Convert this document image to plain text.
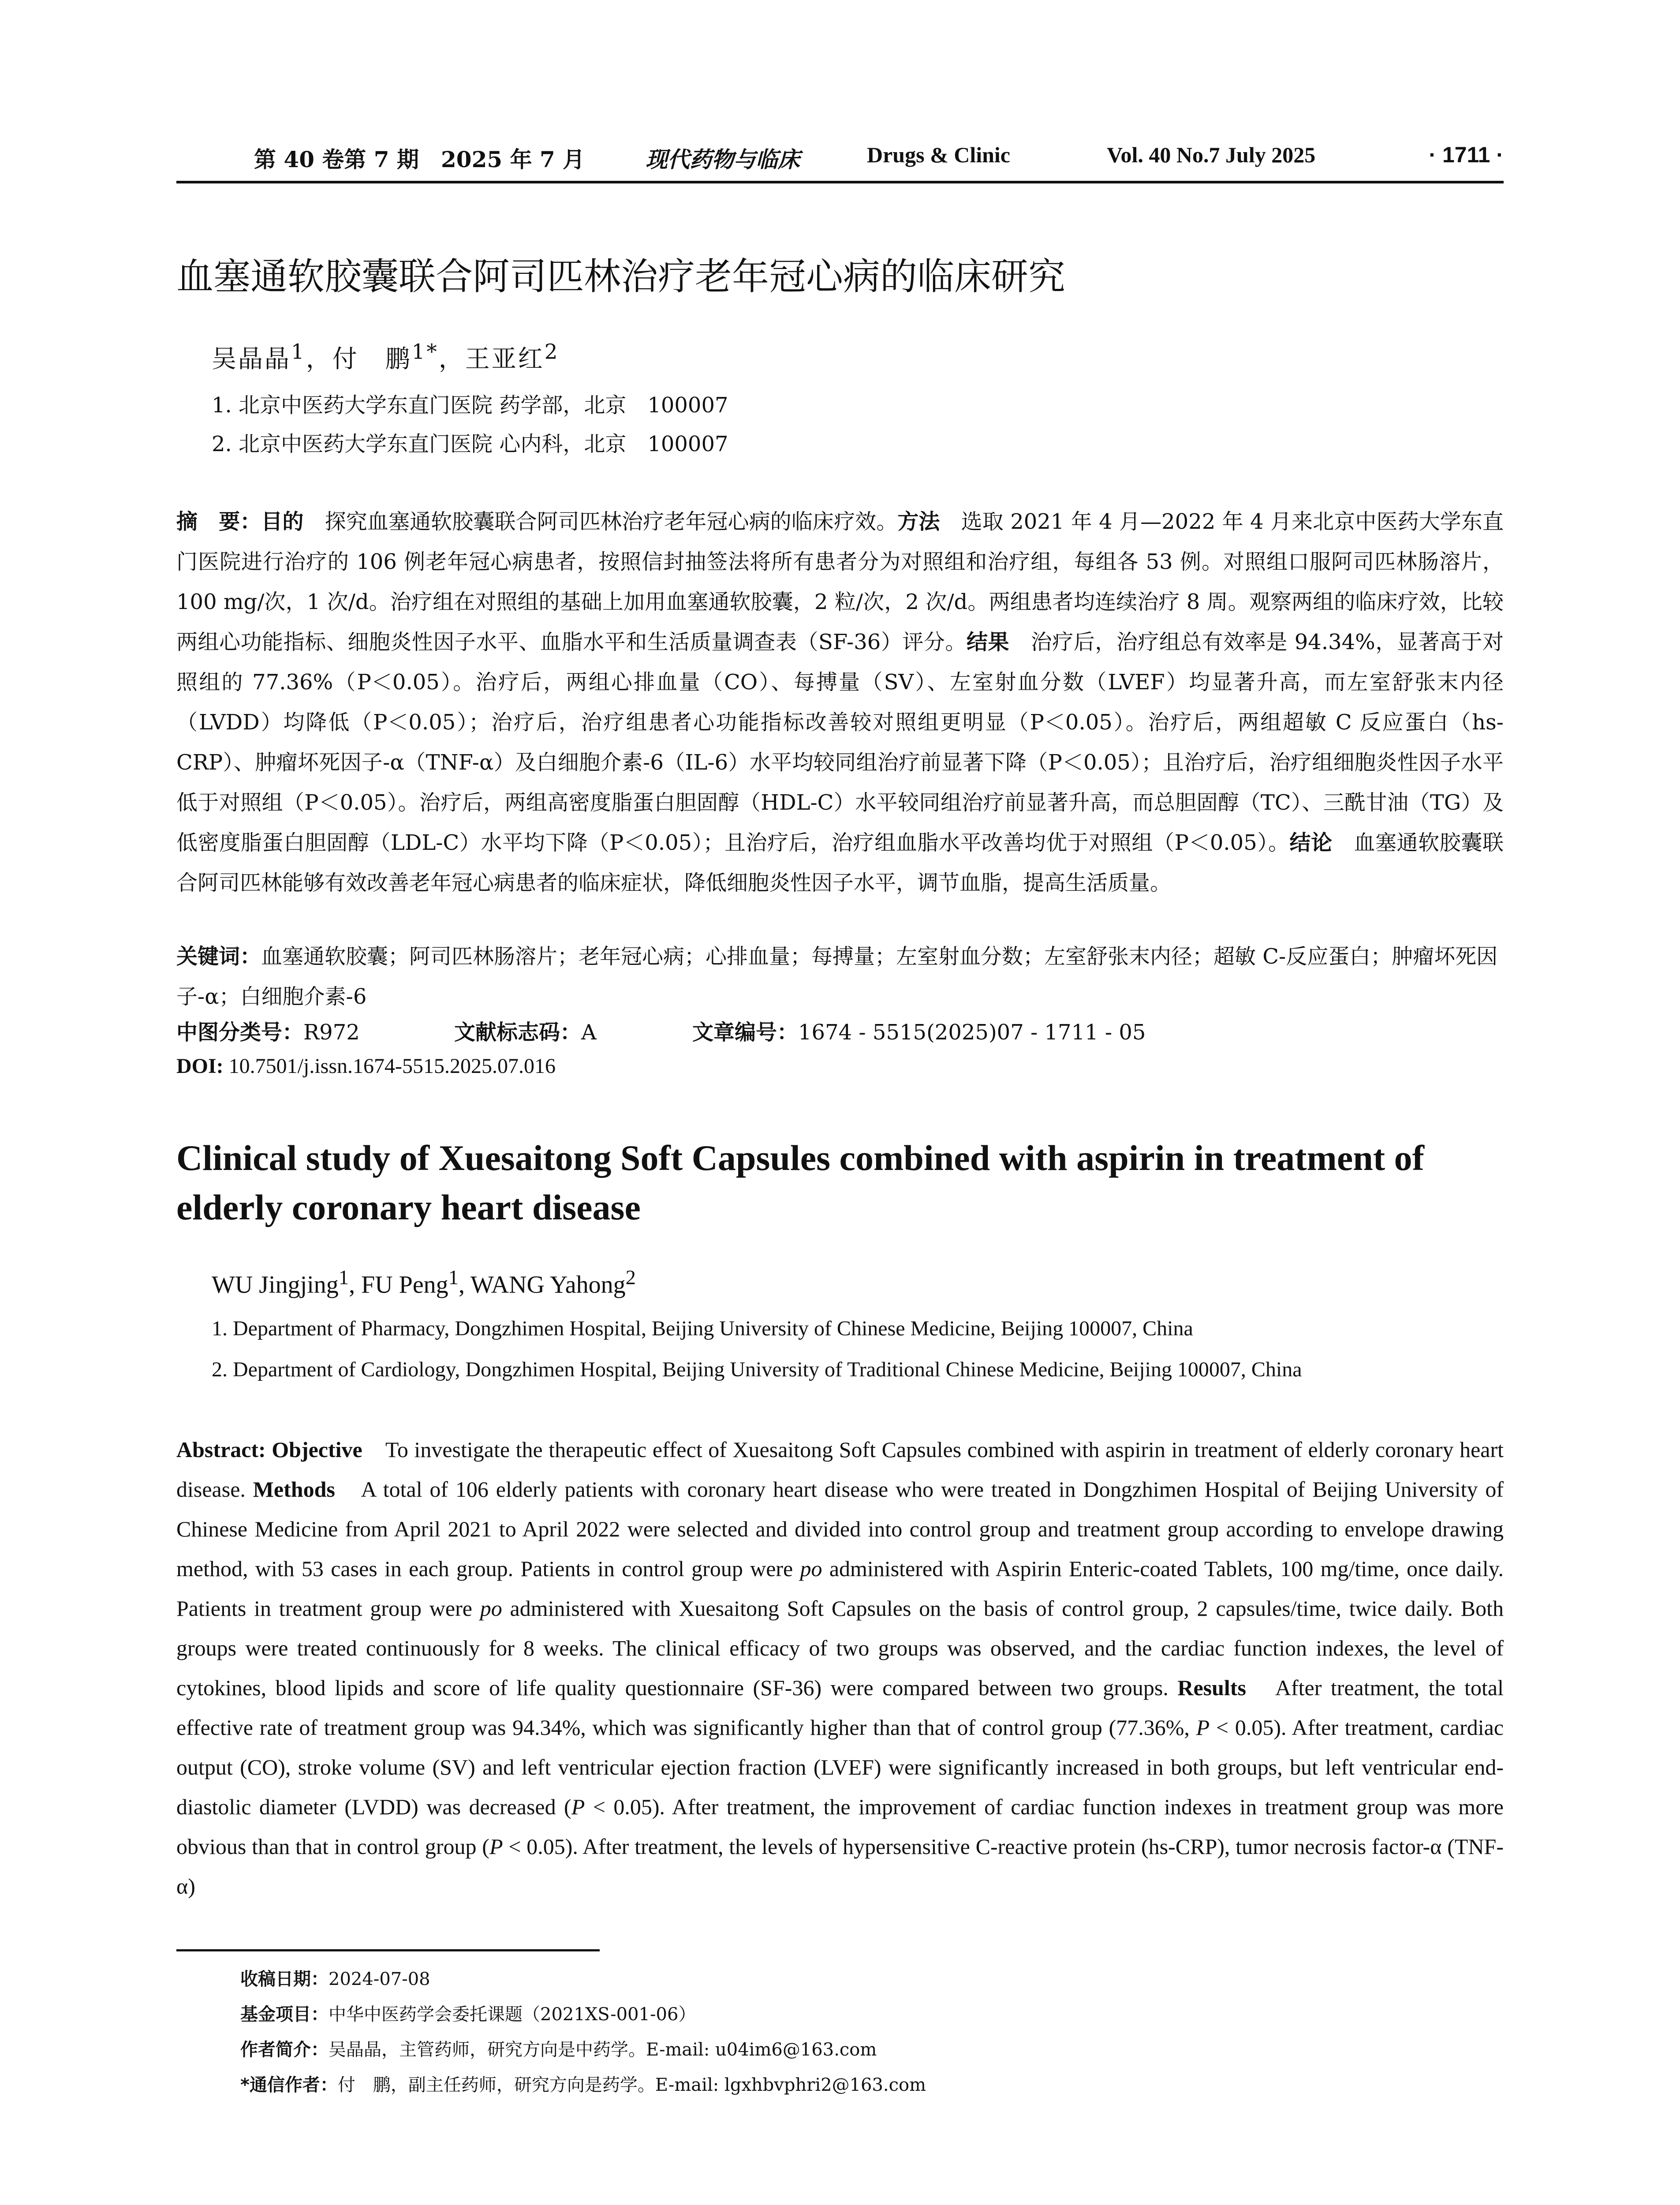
第 40 卷第 7 期　2025 年 7 月	现代药物与临床	Drugs & Clinic	Vol. 40 No.7 July 2025	· 1711 ·
血塞通软胶囊联合阿司匹林治疗老年冠心病的临床研究
吴晶晶$^1$，付　鹏$^{1*}$，王亚红$^2$
1. 北京中医药大学东直门医院 药学部，北京　100007
2. 北京中医药大学东直门医院 心内科，北京　100007
摘　要：目的　 探究血塞通软胶囊联合阿司匹林治疗老年冠心病的临床疗效。方法　 选取 2021 年 4 月—2022 年 4 月来北京中医药大学东直门医院进行治疗的 106 例老年冠心病患者，按照信封抽签法将所有患者分为对照组和治疗组，每组各 53 例。对照组口服阿司匹林肠溶片，100 mg/次，1 次/d。治疗组在对照组的基础上加用血塞通软胶囊，2 粒/次，2 次/d。两组患者均连续治疗 8 周。观察两组的临床疗效，比较两组心功能指标、细胞炎性因子水平、血脂水平和生活质量调查表（SF-36）评分。结果　 治疗后，治疗组总有效率是 94.34%，显著高于对照组的 77.36%（P＜0.05）。治疗后，两组心排血量（CO）、每搏量（SV）、左室射血分数（LVEF）均显著升高，而左室舒张末内径（LVDD）均降低（P＜0.05）；治疗后，治疗组患者心功能指标改善较对照组更明显（P＜0.05）。治疗后，两组超敏 C 反应蛋白（hs-CRP）、肿瘤坏死因子-α（TNF-α）及白细胞介素-6（IL-6）水平均较同组治疗前显著下降（P＜0.05）；且治疗后，治疗组细胞炎性因子水平低于对照组（P＜0.05）。治疗后，两组高密度脂蛋白胆固醇（HDL-C）水平较同组治疗前显著升高，而总胆固醇（TC）、三酰甘油（TG）及低密度脂蛋白胆固醇（LDL-C）水平均下降（P＜0.05）；且治疗后，治疗组血脂水平改善均优于对照组（P＜0.05）。结论　 血塞通软胶囊联合阿司匹林能够有效改善老年冠心病患者的临床症状，降低细胞炎性因子水平，调节血脂，提高生活质量。
关键词：血塞通软胶囊；阿司匹林肠溶片；老年冠心病；心排血量；每搏量；左室射血分数；左室舒张末内径；超敏 C-反应蛋白；肿瘤坏死因子-α；白细胞介素-6
中图分类号：R972	文献标志码：A	文章编号：1674 - 5515(2025)07 - 1711 - 05
DOI: 10.7501/j.issn.1674-5515.2025.07.016
Clinical study of Xuesaitong Soft Capsules combined with aspirin in treatment of elderly coronary heart disease
WU Jingjing$^1$, FU Peng$^1$, WANG Yahong$^2$
1. Department of Pharmacy, Dongzhimen Hospital, Beijing University of Chinese Medicine, Beijing 100007, China
2. Department of Cardiology, Dongzhimen Hospital, Beijing University of Traditional Chinese Medicine, Beijing 100007, China
Abstract: Objective　 To investigate the therapeutic effect of Xuesaitong Soft Capsules combined with aspirin in treatment of elderly coronary heart disease. Methods　 A total of 106 elderly patients with coronary heart disease who were treated in Dongzhimen Hospital of Beijing University of Chinese Medicine from April 2021 to April 2022 were selected and divided into control group and treatment group according to envelope drawing method, with 53 cases in each group. Patients in control group were po administered with Aspirin Enteric-coated Tablets, 100 mg/time, once daily. Patients in treatment group were po administered with Xuesaitong Soft Capsules on the basis of control group, 2 capsules/time, twice daily. Both groups were treated continuously for 8 weeks. The clinical efficacy of two groups was observed, and the cardiac function indexes, the level of cytokines, blood lipids and score of life quality questionnaire (SF-36) were compared between two groups. Results　 After treatment, the total effective rate of treatment group was 94.34%, which was significantly higher than that of control group (77.36%, P < 0.05). After treatment, cardiac output (CO), stroke volume (SV) and left ventricular ejection fraction (LVEF) were significantly increased in both groups, but left ventricular end-diastolic diameter (LVDD) was decreased (P < 0.05). After treatment, the improvement of cardiac function indexes in treatment group was more obvious than that in control group (P < 0.05). After treatment, the levels of hypersensitive C-reactive protein (hs-CRP), tumor necrosis factor-α (TNF-α)
收稿日期：2024-07-08
基金项目：中华中医药学会委托课题（2021XS-001-06）
作者简介：吴晶晶，主管药师，研究方向是中药学。E-mail: u04im6@163.com
*通信作者：付　鹏，副主任药师，研究方向是药学。E-mail: lgxhbvphri2@163.com
